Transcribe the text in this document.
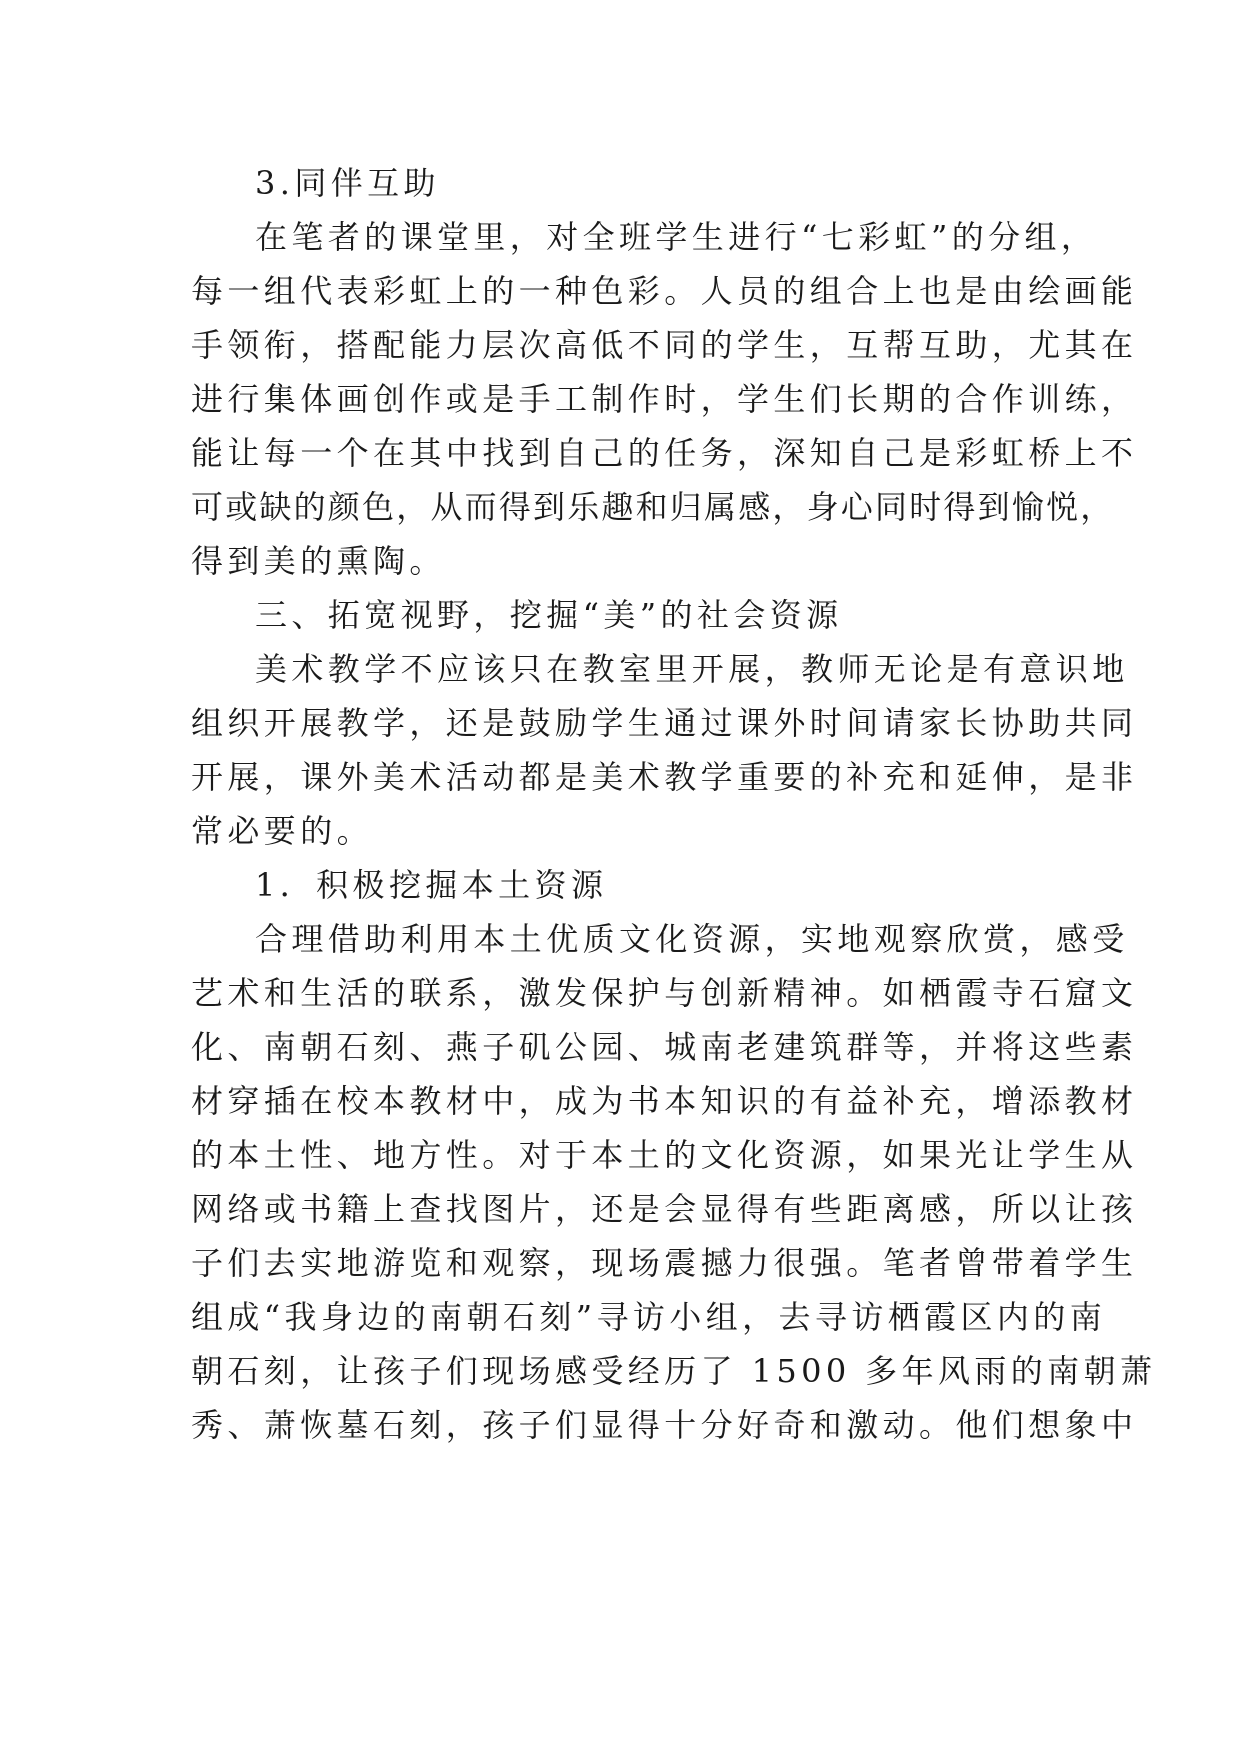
3.同伴互助
在笔者的课堂里，对全班学生进行“七彩虹”的分组，
每一组代表彩虹上的一种色彩。人员的组合上也是由绘画能
手领衔，搭配能力层次高低不同的学生，互帮互助，尤其在
进行集体画创作或是手工制作时，学生们长期的合作训练，
能让每一个在其中找到自己的任务，深知自己是彩虹桥上不
可或缺的颜色，从而得到乐趣和归属感，身心同时得到愉悦，
得到美的熏陶。
三、拓宽视野，挖掘“美”的社会资源
美术教学不应该只在教室里开展，教师无论是有意识地
组织开展教学，还是鼓励学生通过课外时间请家长协助共同
开展，课外美术活动都是美术教学重要的补充和延伸，是非
常必要的。
1．积极挖掘本土资源
合理借助利用本土优质文化资源，实地观察欣赏，感受
艺术和生活的联系，激发保护与创新精神。如栖霞寺石窟文
化、南朝石刻、燕子矶公园、城南老建筑群等，并将这些素
材穿插在校本教材中，成为书本知识的有益补充，增添教材
的本土性、地方性。对于本土的文化资源，如果光让学生从
网络或书籍上查找图片，还是会显得有些距离感，所以让孩
子们去实地游览和观察，现场震撼力很强。笔者曾带着学生
组成“我身边的南朝石刻”寻访小组，去寻访栖霞区内的南
朝石刻，让孩子们现场感受经历了 1500 多年风雨的南朝萧
秀、萧恢墓石刻，孩子们显得十分好奇和激动。他们想象中
